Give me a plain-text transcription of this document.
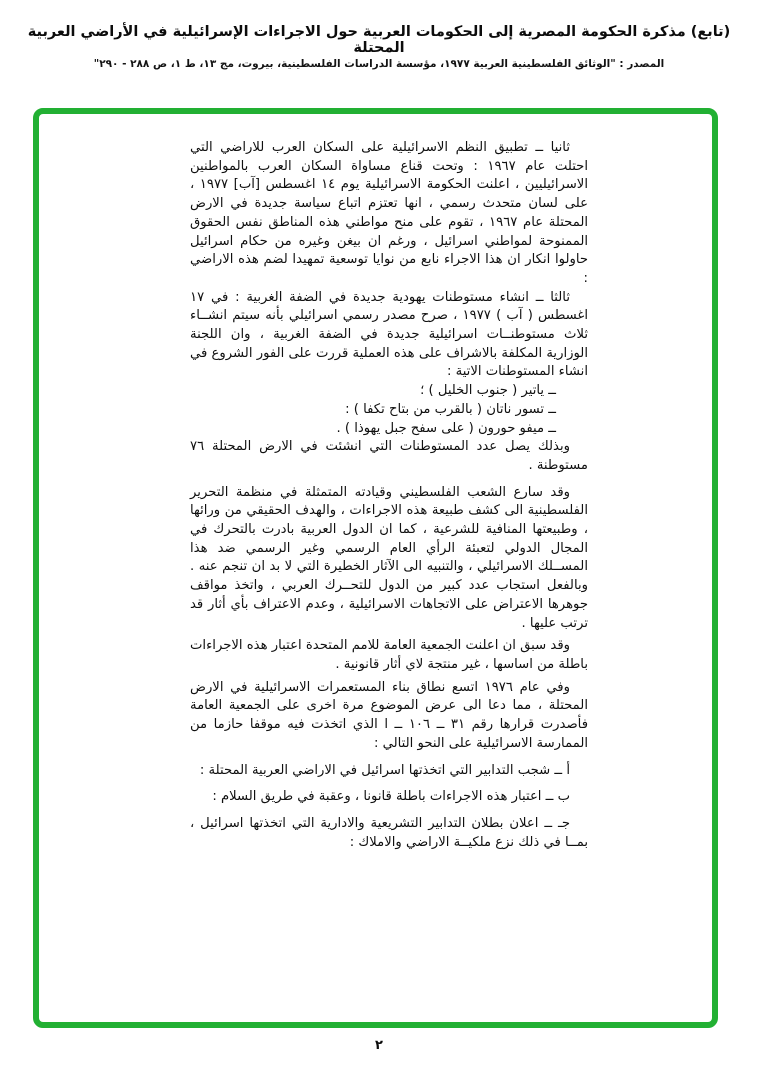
(تابع) مذكرة الحكومة المصرية إلى الحكومات العربية حول الاجراءات الإسرائيلية في الأراضي العربية المحتلة
المصدر : "الوثائق الفلسطينية العربية ١٩٧٧، مؤسسة الدراسات الفلسطينية، بيروت، مج ١٣، ط ١، ص ٢٨٨ - ٢٩٠"

ثانيا ــ تطبيق النظم الاسرائيلية على السكان العرب للاراضي التي احتلت عام ١٩٦٧ : وتحت قناع مساواة السكان العرب بالمواطنين الاسرائيليين ، اعلنت الحكومة الاسرائيلية يوم ١٤ اغسطس [آب] ١٩٧٧ ، على لسان متحدث رسمي ، انها تعتزم اتباع سياسة جديدة في الارض المحتلة عام ١٩٦٧ ، تقوم على منح مواطني هذه المناطق نفس الحقوق الممنوحة لمواطني اسرائيل ، ورغم ان بيغن وغيره من حكام اسرائيل حاولوا انكار ان هذا الاجراء نابع من نوايا توسعية تمهيدا لضم هذه الاراضي :

ثالثا ــ انشاء مستوطنات يهودية جديدة في الضفة الغربية : في ١٧ اغسطس ( آب ) ١٩٧٧ ، صرح مصدر رسمي اسرائيلي بأنه سيتم انشــاء ثلاث مستوطنــات اسرائيلية جديدة في الضفة الغربية ، وان اللجنة الوزارية المكلفة بالاشراف على هذه العملية قررت على الفور الشروع في انشاء المستوطنات الاتية :

ــ ياتير ( جنوب الخليل ) ؛

ــ تسور ناتان ( بالقرب من بتاح تكفا ) :

ــ ميفو حورون ( على سفح جبل يهوذا ) .

وبذلك يصل عدد المستوطنات التي انشئت في الارض المحتلة ٧٦ مستوطنة .

وقد سارع الشعب الفلسطيني وقيادته المتمثلة في منظمة التحرير الفلسطينية الى كشف طبيعة هذه الاجراءات ، والهدف الحقيقي من ورائها ، وطبيعتها المنافية للشرعية ، كما ان الدول العربية بادرت بالتحرك في المجال الدولي لتعبئة الرأي العام الرسمي وغير الرسمي ضد هذا المســلك الاسرائيلي ، والتنبيه الى الآثار الخطيرة التي لا بد ان تنجم عنه . وبالفعل استجاب عدد كبير من الدول للتحــرك العربي ، واتخذ مواقف جوهرها الاعتراض على الاتجاهات الاسرائيلية ، وعدم الاعتراف بأي أثار قد ترتب عليها .

وقد سبق ان اعلنت الجمعية العامة للامم المتحدة اعتبار هذه الاجراءات باطلة من اساسها ، غير منتجة لاي أثار قانونية .

وفي عام ١٩٧٦ اتسع نطاق بناء المستعمرات الاسرائيلية في الارض المحتلة ، مما دعا الى عرض الموضوع مرة اخرى على الجمعية العامة فأصدرت قرارها رقم ٣١ ــ ١٠٦ ــ ا الذي اتخذت فيه موقفا حازما من الممارسة الاسرائيلية على النحو التالي :

أ ــ شجب التدابير التي اتخذتها اسرائيل في الاراضي العربية المحتلة :

ب ــ اعتبار هذه الاجراءات باطلة قانونا ، وعقبة في طريق السلام :

جـ ــ اعلان بطلان التدابير التشريعية والادارية التي اتخذتها اسرائيل ، بمــا في ذلك نزع ملكيــة الاراضي والاملاك :

٢
